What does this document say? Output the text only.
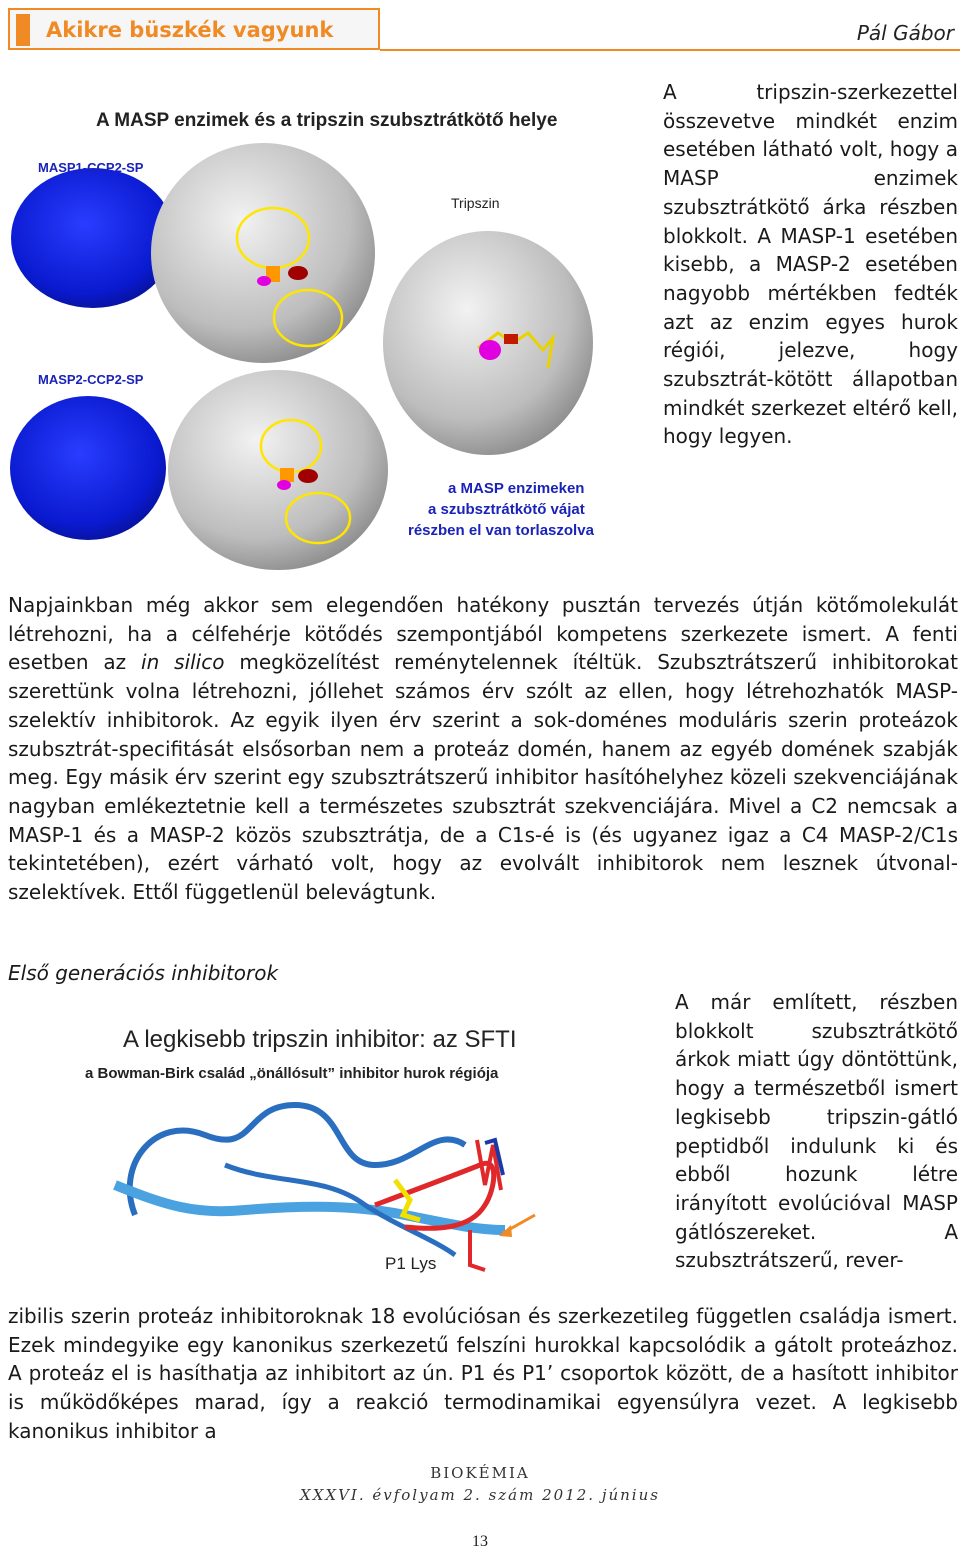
Akikre büszkék vagyunk	Pál Gábor
A MASP enzimek és a tripszin szubsztrátkötő helye
MASP1-CCP2-SP
MASP2-CCP2-SP
Tripszin
a MASP enzimeken
a szubsztrátkötő vájat
részben el van torlaszolva

A tripszin-szerkezettel összevetve mindkét enzim esetében látható volt, hogy a MASP enzimek szubsztrátkötő árka részben blokkolt. A MASP-1 esetében kisebb, a MASP-2 esetében nagyobb mértékben fedték azt az enzim egyes hurok régiói, jelezve, hogy szubsztrát-kötött állapotban mindkét szerkezet eltérő kell, hogy legyen.

Napjainkban még akkor sem elegendően hatékony pusztán tervezés útján kötőmolekulát létrehozni, ha a célfehérje kötődés szempontjából kompetens szerkezete ismert. A fenti esetben az in silico megközelítést reménytelennek ítéltük. Szubsztrátszerű inhibitorokat szerettünk volna létrehozni, jóllehet számos érv szólt az ellen, hogy létrehozhatók MASP-szelektív inhibitorok. Az egyik ilyen érv szerint a sok-doménes moduláris szerin proteázok szubsztrát-specifitását elsősorban nem a proteáz domén, hanem az egyéb domének szabják meg. Egy másik érv szerint egy szubsztrátszerű inhibitor hasítóhelyhez közeli szekvenciájának nagyban emlékeztetnie kell a természetes szubsztrát szekvenciájára. Mivel a C2 nemcsak a MASP-1 és a MASP-2 közös szubsztrátja, de a C1s-é is (és ugyanez igaz a C4 MASP-2/C1s tekintetében), ezért várható volt, hogy az evolvált inhibitorok nem lesznek útvonal-szelektívek. Ettől függetlenül belevágtunk.

Első generációs inhibitorok
A legkisebb tripszin inhibitor: az SFTI
a Bowman-Birk család „önállósult” inhibitor hurok régiója
P1 Lys

A már említett, részben blokkolt szubsztrátkötő árkok miatt úgy döntöttünk, hogy a természetből ismert legkisebb tripszin-gátló peptidből indulunk ki és ebből hozunk létre irányított evolúcióval MASP gátlószereket. A szubsztrátszerű, rever-

zibilis szerin proteáz inhibitoroknak 18 evolúciósan és szerkezetileg független családja ismert. Ezek mindegyike egy kanonikus szerkezetű felszíni hurokkal kapcsolódik a gátolt proteázhoz. A proteáz el is hasíthatja az inhibitort az ún. P1 és P1’ csoportok között, de a hasított inhibitor is működőképes marad, így a reakció termodinamikai egyensúlyra vezet. A legkisebb kanonikus inhibitor a

BIOKÉMIA
XXXVI. évfolyam 2. szám 2012. június
13
